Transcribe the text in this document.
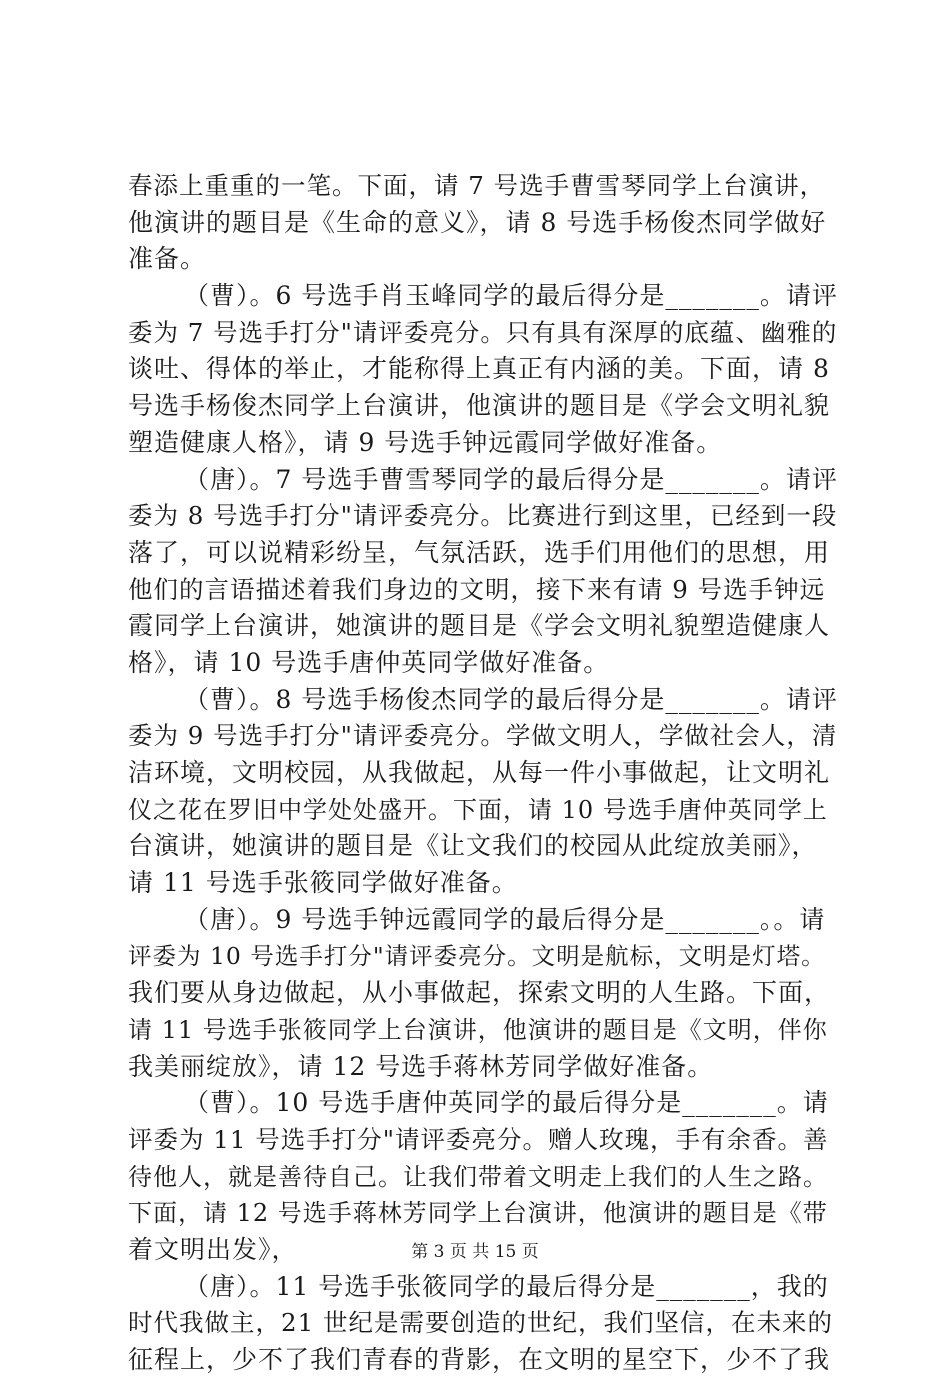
春添上重重的一笔。下面，请 7 号选手曹雪琴同学上台演讲，
他演讲的题目是《生命的意义》，请 8 号选手杨俊杰同学做好
准备。
（曹）。6 号选手肖玉峰同学的最后得分是_______。请评
委为 7 号选手打分"请评委亮分。只有具有深厚的底蕴、幽雅的
谈吐、得体的举止，才能称得上真正有内涵的美。下面，请 8
号选手杨俊杰同学上台演讲，他演讲的题目是《学会文明礼貌
塑造健康人格》，请 9 号选手钟远霞同学做好准备。
（唐）。7 号选手曹雪琴同学的最后得分是_______。请评
委为 8 号选手打分"请评委亮分。比赛进行到这里，已经到一段
落了，可以说精彩纷呈，气氛活跃，选手们用他们的思想，用
他们的言语描述着我们身边的文明，接下来有请 9 号选手钟远
霞同学上台演讲，她演讲的题目是《学会文明礼貌塑造健康人
格》，请 10 号选手唐仲英同学做好准备。
（曹）。8 号选手杨俊杰同学的最后得分是_______。请评
委为 9 号选手打分"请评委亮分。学做文明人，学做社会人，清
洁环境，文明校园，从我做起，从每一件小事做起，让文明礼
仪之花在罗旧中学处处盛开。下面，请 10 号选手唐仲英同学上
台演讲，她演讲的题目是《让文我们的校园从此绽放美丽》，
请 11 号选手张筱同学做好准备。
（唐）。9 号选手钟远霞同学的最后得分是_______。。请
评委为 10 号选手打分"请评委亮分。文明是航标，文明是灯塔。
我们要从身边做起，从小事做起，探索文明的人生路。下面，
请 11 号选手张筱同学上台演讲，他演讲的题目是《文明，伴你
我美丽绽放》，请 12 号选手蒋林芳同学做好准备。
（曹）。10 号选手唐仲英同学的最后得分是_______。请
评委为 11 号选手打分"请评委亮分。赠人玫瑰，手有余香。善
待他人，就是善待自己。让我们带着文明走上我们的人生之路。
下面，请 12 号选手蒋林芳同学上台演讲，他演讲的题目是《带
着文明出发》，
（唐）。11 号选手张筱同学的最后得分是_______，我的
时代我做主，21 世纪是需要创造的世纪，我们坚信，在未来的
征程上，少不了我们青春的背影，在文明的星空下，少不了我
第 3 页 共 15 页
